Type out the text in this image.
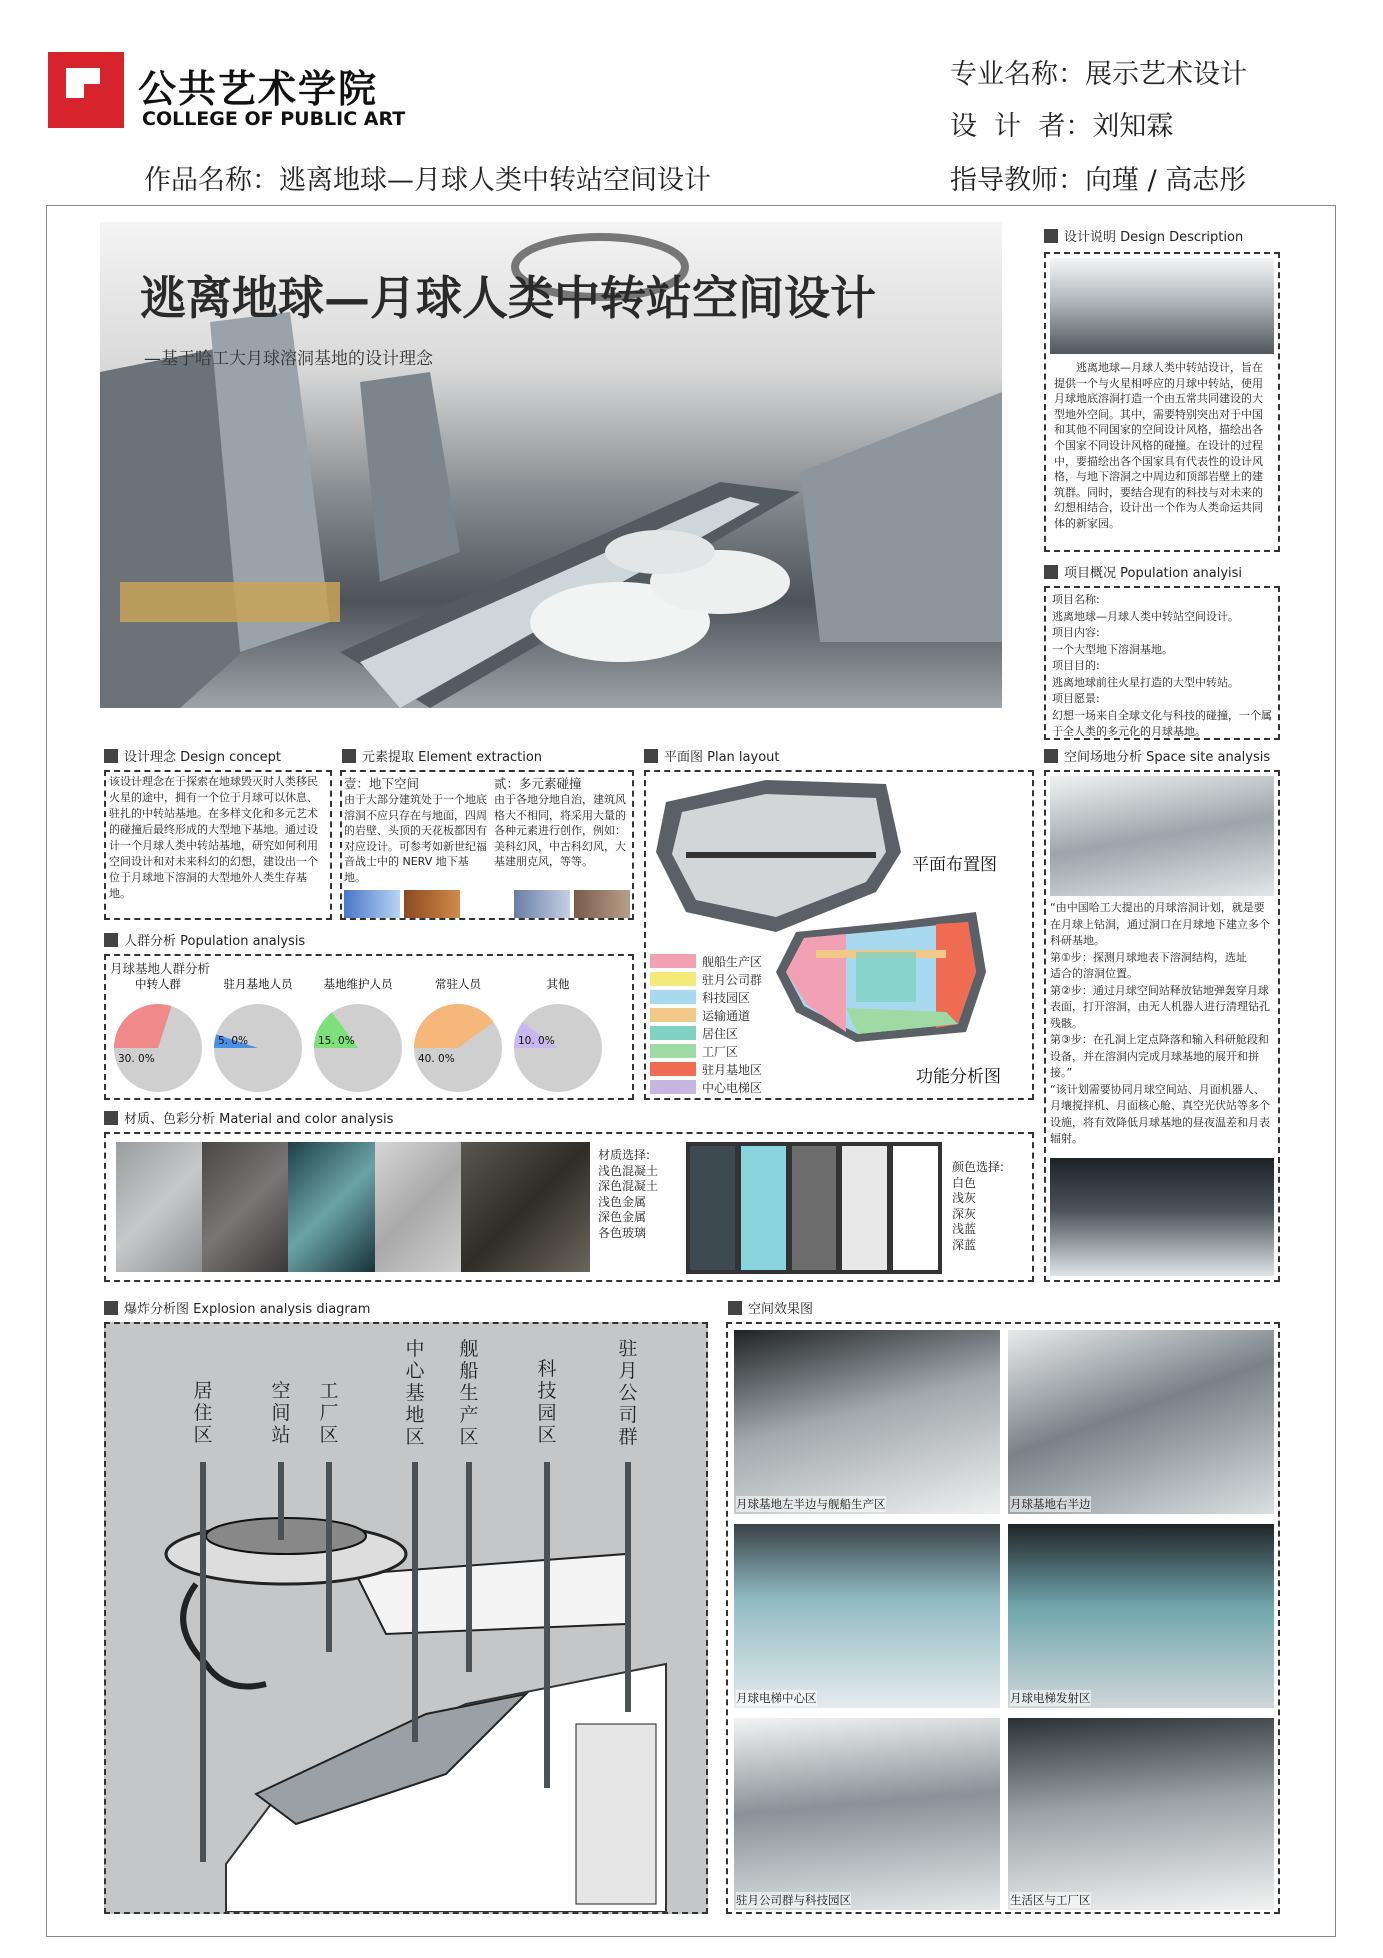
公共艺术学院
COLLEGE OF PUBLIC ART
专业名称：展示艺术设计
设  计  者：刘知霖
作品名称：逃离地球—月球人类中转站空间设计	指导教师：向瑾 / 高志彤
逃离地球—月球人类中转站空间设计
—基于哈工大月球溶洞基地的设计理念
设计说明 Design Description
逃离地球—月球人类中转站设计，旨在提供一个与火星相呼应的月球中转站，使用月球地底溶洞打造一个由五常共同建设的大型地外空间。其中，需要特别突出对于中国和其他不同国家的空间设计风格，描绘出各个国家不同设计风格的碰撞。在设计的过程中，要描绘出各个国家具有代表性的设计风格，与地下溶洞之中周边和顶部岩壁上的建筑群。同时，要结合现有的科技与对未来的幻想相结合，设计出一个作为人类命运共同体的新家园。
项目概况 Population analyisi
项目名称:
逃离地球—月球人类中转站空间设计。
项目内容:
一个大型地下溶洞基地。
项目目的:
逃离地球前往火星打造的大型中转站。
项目愿景:
幻想一场来自全球文化与科技的碰撞，一个属于全人类的多元化的月球基地。
设计理念 Design concept
该设计理念在于探索在地球毁灭时人类移民火星的途中，拥有一个位于月球可以休息、驻扎的中转站基地。在多样文化和多元艺术的碰撞后最终形成的大型地下基地。通过设计一个月球人类中转站基地，研究如何利用空间设计和对未来科幻的幻想，建设出一个位于月球地下溶洞的大型地外人类生存基地。
元素提取 Element extraction
壹：地下空间
由于大部分建筑处于一个地底溶洞不应只存在与地面，四周的岩壁、头顶的天花板都因有对应设计。可参考如新世纪福音战士中的 NERV 地下基地。
贰：多元素碰撞
由于各地分地自治，建筑风格大不相同，将采用大量的各种元素进行创作，例如：美科幻风，中古科幻风，大基建朋克风，等等。
平面图 Plan layout
平面布置图
功能分析图
舰船生产区
驻月公司群
科技园区
运输通道
居住区
工厂区
驻月基地区
中心电梯区
空间场地分析 Space site analysis
“由中国哈工大提出的月球溶洞计划，就是要在月球上钻洞，通过洞口在月球地下建立多个科研基地。
第①步：探测月球地表下溶洞结构，选址
适合的溶洞位置。
第②步：通过月球空间站释放钻地弹轰穿月球表面，打开溶洞，由无人机器人进行清理钻孔残骸。
第③步：在孔洞上定点降落和输入科研舱段和设备，并在溶洞内完成月球基地的展开和拼接。”
“该计划需要协同月球空间站、月面机器人、月壤搅拌机、月面核心舱、真空光伏站等多个设施，将有效降低月球基地的昼夜温差和月表辐射。
人群分析 Population analysis
月球基地人群分析
中转人群
30. 0%
驻月基地人员
5. 0%
基地维护人员
15. 0%
常驻人员
40. 0%
其他
10. 0%
材质、色彩分析 Material and color analysis
材质选择:
浅色混凝土
深色混凝土
浅色金属
深色金属
各色玻璃
颜色选择:
白色
浅灰
深灰
浅蓝
深蓝
爆炸分析图 Explosion analysis diagram
居住区
空间站
工厂区
中心基地区
舰船生产区
科技园区
驻月公司群
空间效果图
月球基地左半边与舰船生产区	月球基地右半边
月球电梯中心区	月球电梯发射区
驻月公司群与科技园区	生活区与工厂区
